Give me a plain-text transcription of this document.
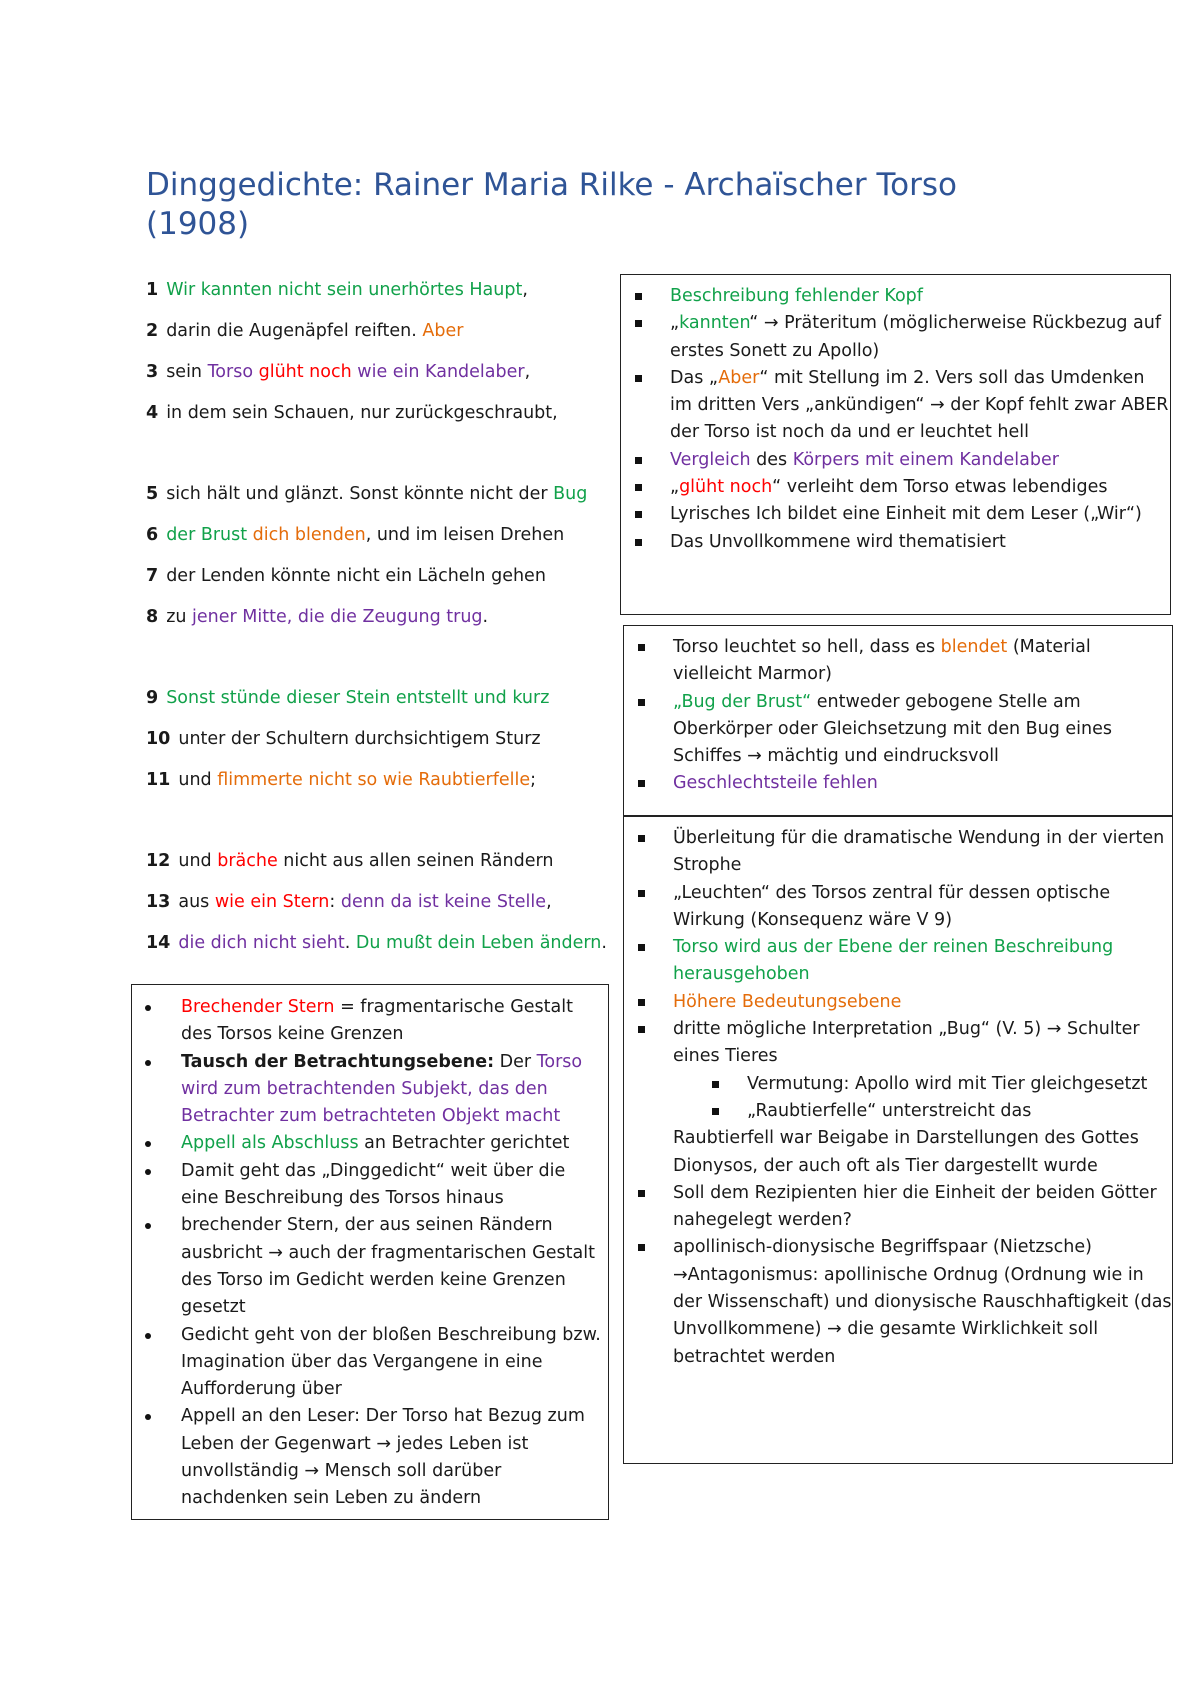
Dinggedichte: Rainer Maria Rilke - Archaïscher Torso (1908)
1 Wir kannten nicht sein unerhörtes Haupt,
2 darin die Augenäpfel reiften. Aber
3 sein Torso glüht noch wie ein Kandelaber,
4 in dem sein Schauen, nur zurückgeschraubt,
5 sich hält und glänzt. Sonst könnte nicht der Bug
6 der Brust dich blenden, und im leisen Drehen
7 der Lenden könnte nicht ein Lächeln gehen
8 zu jener Mitte, die die Zeugung trug.
9 Sonst stünde dieser Stein entstellt und kurz
10 unter der Schultern durchsichtigem Sturz
11 und flimmerte nicht so wie Raubtierfelle;
12 und bräche nicht aus allen seinen Rändern
13 aus wie ein Stern: denn da ist keine Stelle,
14 die dich nicht sieht. Du mußt dein Leben ändern.
Beschreibung fehlender Kopf
„kannten“ → Präteritum (möglicherweise Rückbezug auf erstes Sonett zu Apollo)
Das „Aber“ mit Stellung im 2. Vers soll das Umdenken im dritten Vers „ankündigen“ → der Kopf fehlt zwar ABER der Torso ist noch da und er leuchtet hell
Vergleich des Körpers mit einem Kandelaber
„glüht noch“ verleiht dem Torso etwas lebendiges
Lyrisches Ich bildet eine Einheit mit dem Leser („Wir“)
Das Unvollkommene wird thematisiert
Torso leuchtet so hell, dass es blendet (Material vielleicht Marmor)
„Bug der Brust“ entweder gebogene Stelle am Oberkörper oder Gleichsetzung mit den Bug eines Schiffes → mächtig und eindrucksvoll
Geschlechtsteile fehlen
Überleitung für die dramatische Wendung in der vierten Strophe
„Leuchten“ des Torsos zentral für dessen optische Wirkung (Konsequenz wäre V 9)
Torso wird aus der Ebene der reinen Beschreibung herausgehoben
Höhere Bedeutungsebene
dritte mögliche Interpretation „Bug“ (V. 5) → Schulter eines Tieres
Vermutung: Apollo wird mit Tier gleichgesetzt
„Raubtierfelle“ unterstreicht das
Raubtierfell war Beigabe in Darstellungen des Gottes Dionysos, der auch oft als Tier dargestellt wurde
Soll dem Rezipienten hier die Einheit der beiden Götter nahegelegt werden?
apollinisch-dionysische Begriffspaar (Nietzsche) →Antagonismus: apollinische Ordnug (Ordnung wie in der Wissenschaft) und dionysische Rauschhaftigkeit (das Unvollkommene) → die gesamte Wirklichkeit soll betrachtet werden
Brechender Stern = fragmentarische Gestalt des Torsos keine Grenzen
Tausch der Betrachtungsebene: Der Torso wird zum betrachtenden Subjekt, das den Betrachter zum betrachteten Objekt macht
Appell als Abschluss an Betrachter gerichtet
Damit geht das „Dinggedicht“ weit über die eine Beschreibung des Torsos hinaus
brechender Stern, der aus seinen Rändern ausbricht → auch der fragmentarischen Gestalt des Torso im Gedicht werden keine Grenzen gesetzt
Gedicht geht von der bloßen Beschreibung bzw. Imagination über das Vergangene in eine Aufforderung über
Appell an den Leser: Der Torso hat Bezug zum Leben der Gegenwart → jedes Leben ist unvollständig → Mensch soll darüber nachdenken sein Leben zu ändern
